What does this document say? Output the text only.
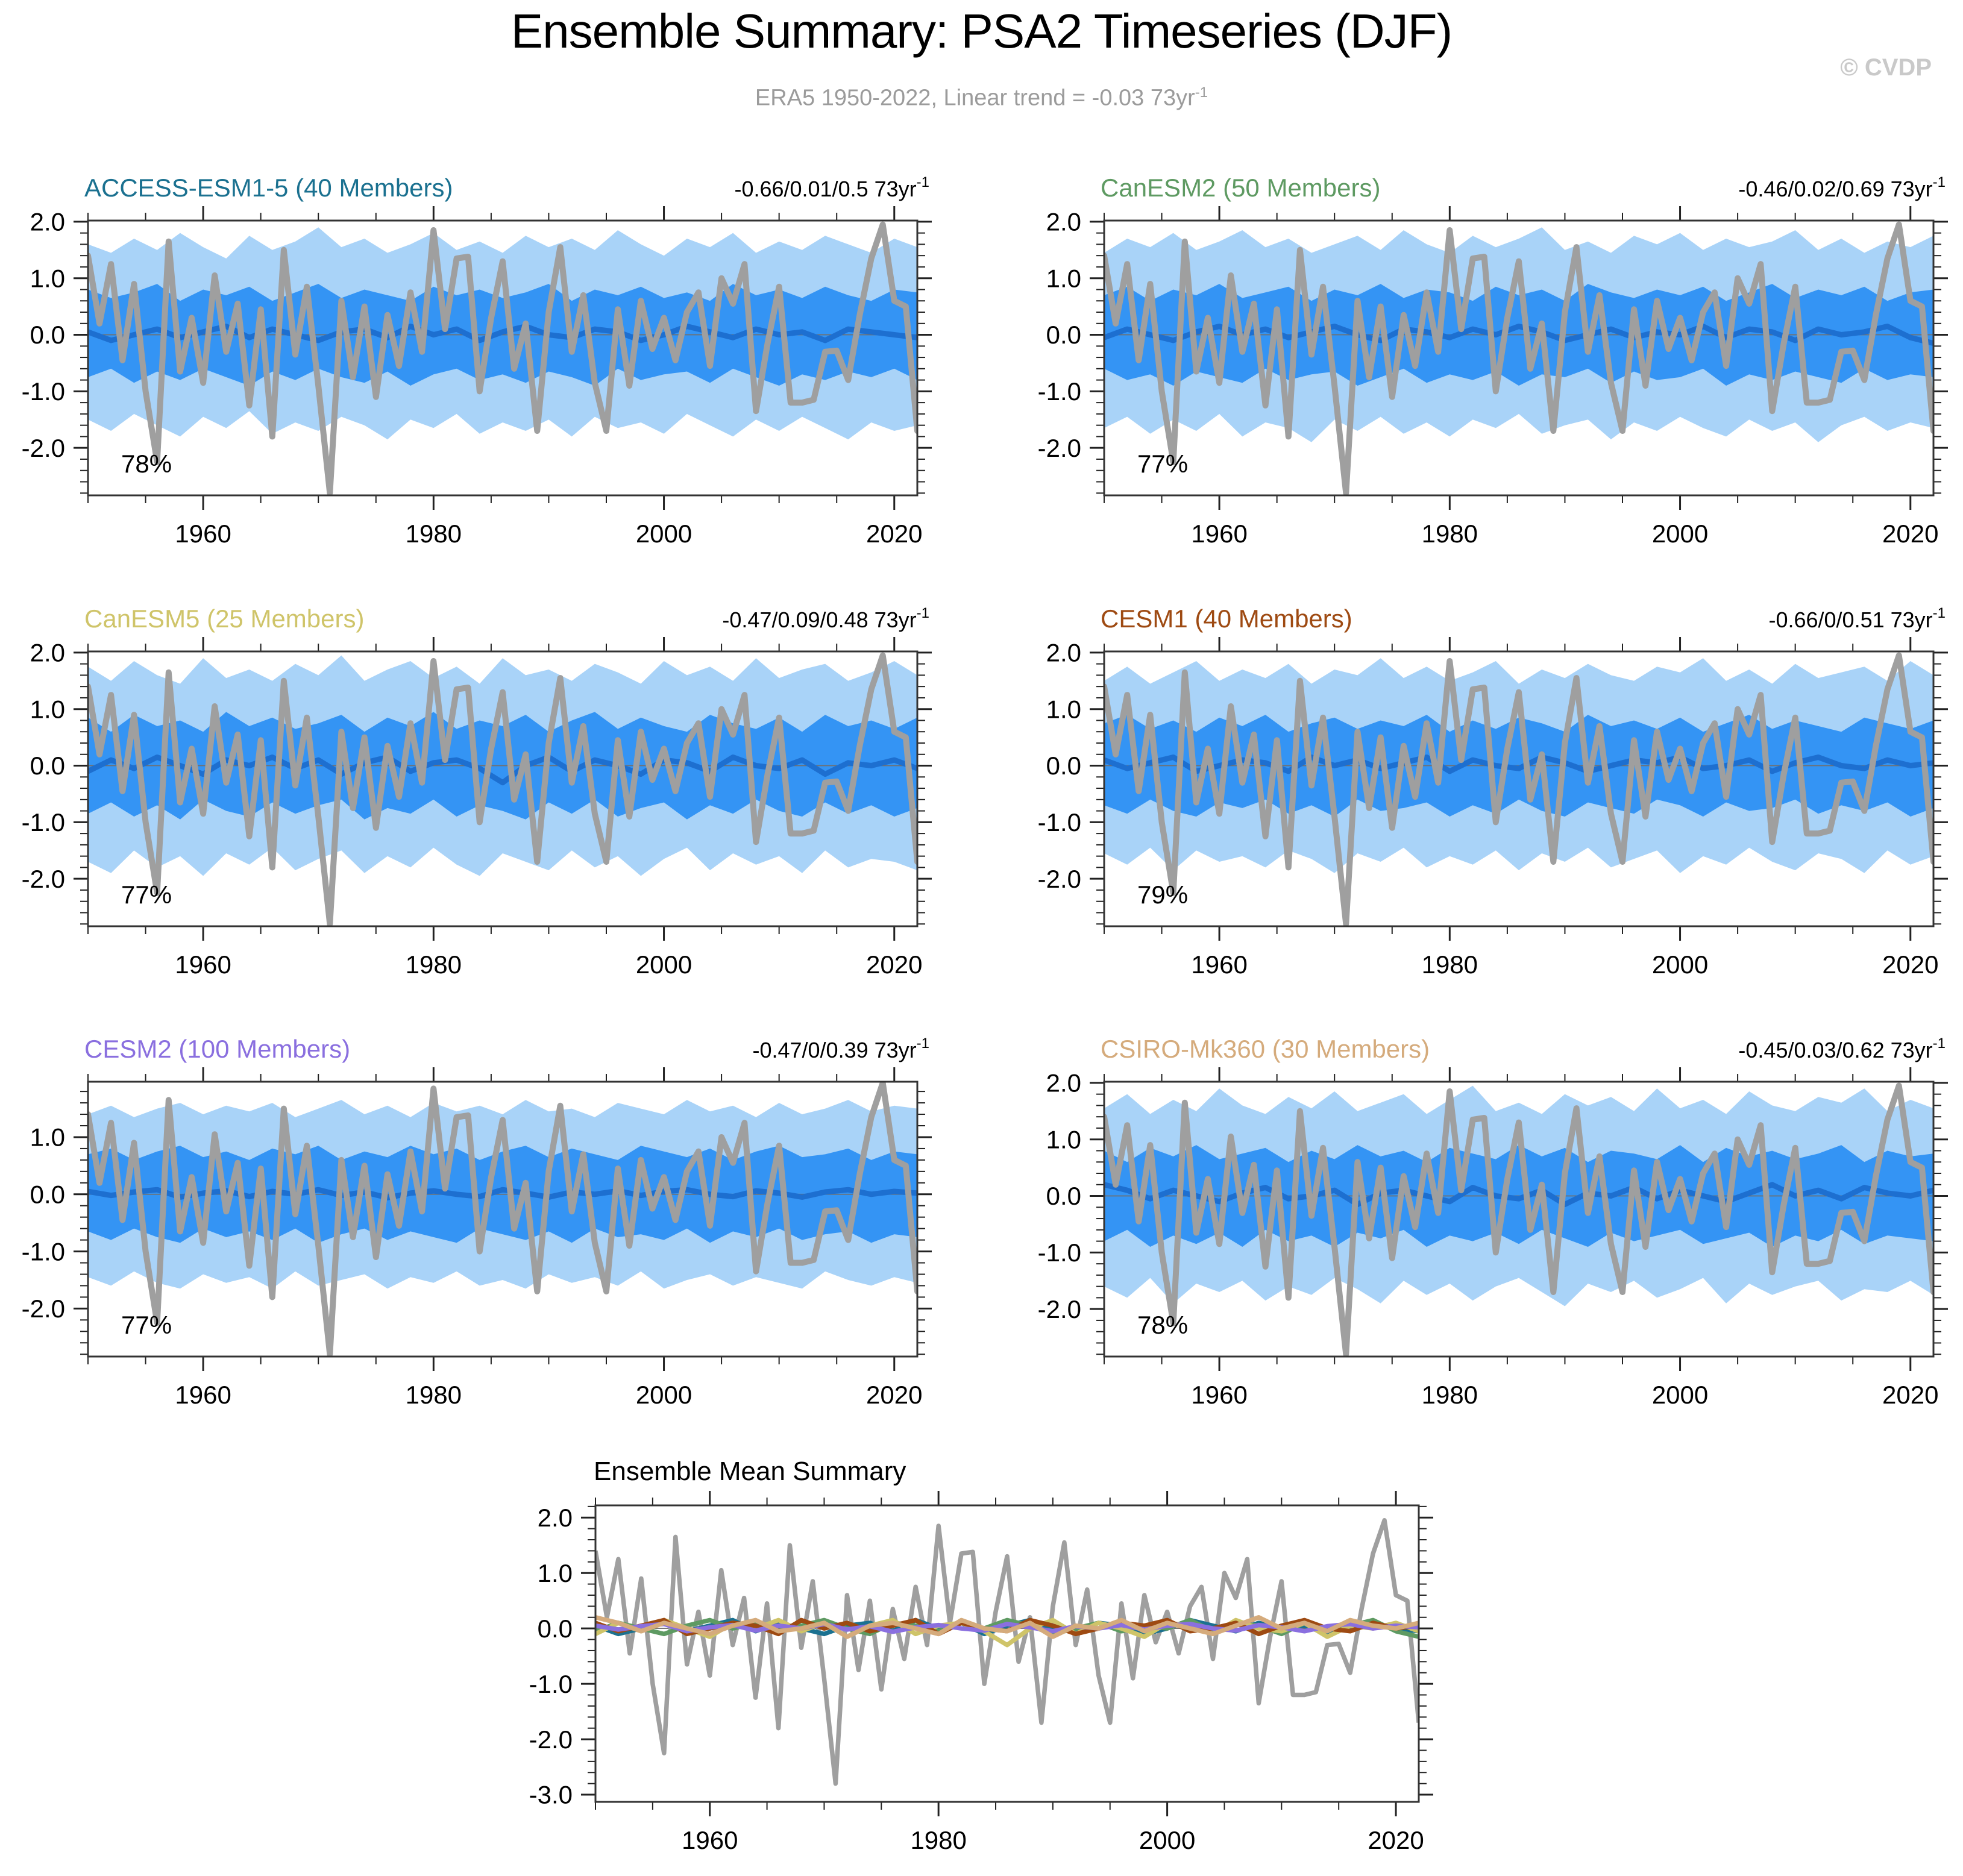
Ensemble Summary: PSA2 Timeseries (DJF)
ERA5 1950-2022, Linear trend = -0.03 $73yr^{-1}$
© CVDP
-2.0
-1.0
0.0
1.0
2.0
1960	1980	2000	2020
ACCESS-ESM1-5 (40 Members)	-0.66/0.01/0.5 $73yr^{-1}$
78%
-2.0
-1.0
0.0
1.0
2.0
1960	1980	2000	2020
CanESM2 (50 Members)	-0.46/0.02/0.69 $73yr^{-1}$
77%
-2.0
-1.0
0.0
1.0
2.0
1960	1980	2000	2020
CanESM5 (25 Members)	-0.47/0.09/0.48 $73yr^{-1}$
77%
-2.0
-1.0
0.0
1.0
2.0
1960	1980	2000	2020
CESM1 (40 Members)	-0.66/0/0.51 $73yr^{-1}$
79%
-2.0
-1.0
0.0
1.0
1960	1980	2000	2020
CESM2 (100 Members)	-0.47/0/0.39 $73yr^{-1}$
77%
-2.0
-1.0
0.0
1.0
2.0
1960	1980	2000	2020
CSIRO-Mk360 (30 Members)	-0.45/0.03/0.62 $73yr^{-1}$
78%
-3.0
-2.0
-1.0
0.0
1.0
2.0
1960	1980	2000	2020
Ensemble Mean Summary
